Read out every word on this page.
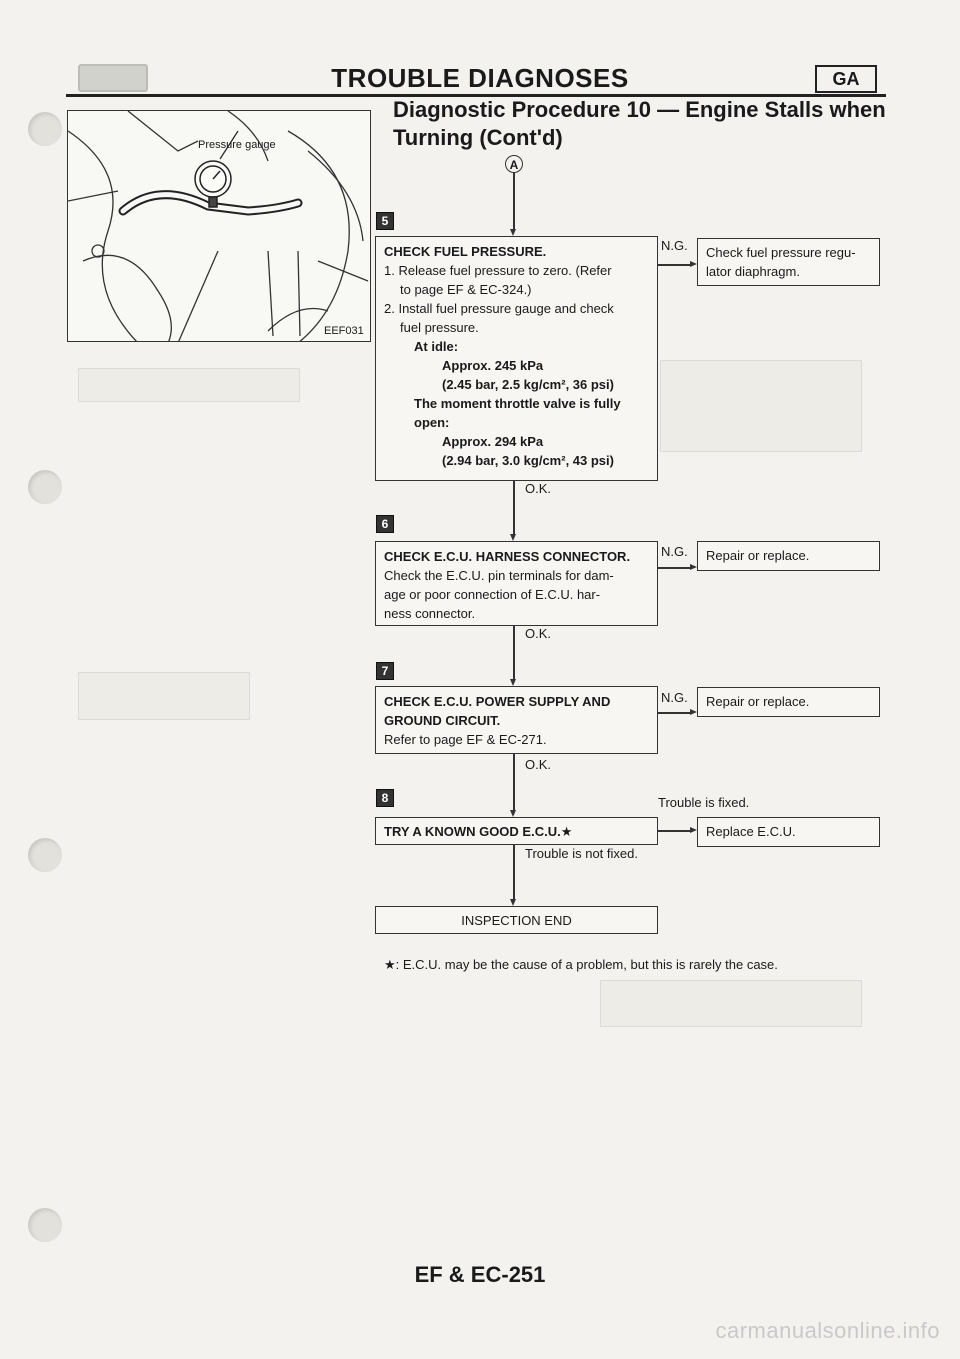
TROUBLE DIAGNOSES	GA
Diagnostic Procedure 10 — Engine Stalls when
Turning (Cont'd)
Pressure gauge
EEF031
A
5
CHECK FUEL PRESSURE.
1. Release fuel pressure to zero. (Refer
to page EF & EC-324.)
2. Install fuel pressure gauge and check
fuel pressure.
At idle:
Approx. 245 kPa
(2.45 bar, 2.5 kg/cm², 36 psi)
The moment throttle valve is fully
open:
Approx. 294 kPa
(2.94 bar, 3.0 kg/cm², 43 psi)
N.G. Check fuel pressure regu-
lator diaphragm.
O.K.
6
CHECK E.C.U. HARNESS CONNECTOR.
Check the E.C.U. pin terminals for dam-
age or poor connection of E.C.U. har-
ness connector.
N.G.	Repair or replace.
O.K.
7
CHECK E.C.U. POWER SUPPLY AND
GROUND CIRCUIT.
Refer to page EF & EC-271.
N.G.	Repair or replace.
O.K.
8	Trouble is fixed.
TRY A KNOWN GOOD E.C.U.★	Replace E.C.U.
Trouble is not fixed.
INSPECTION END
★: E.C.U. may be the cause of a problem, but this is rarely the case.
EF & EC-251
carmanualsonline.info
